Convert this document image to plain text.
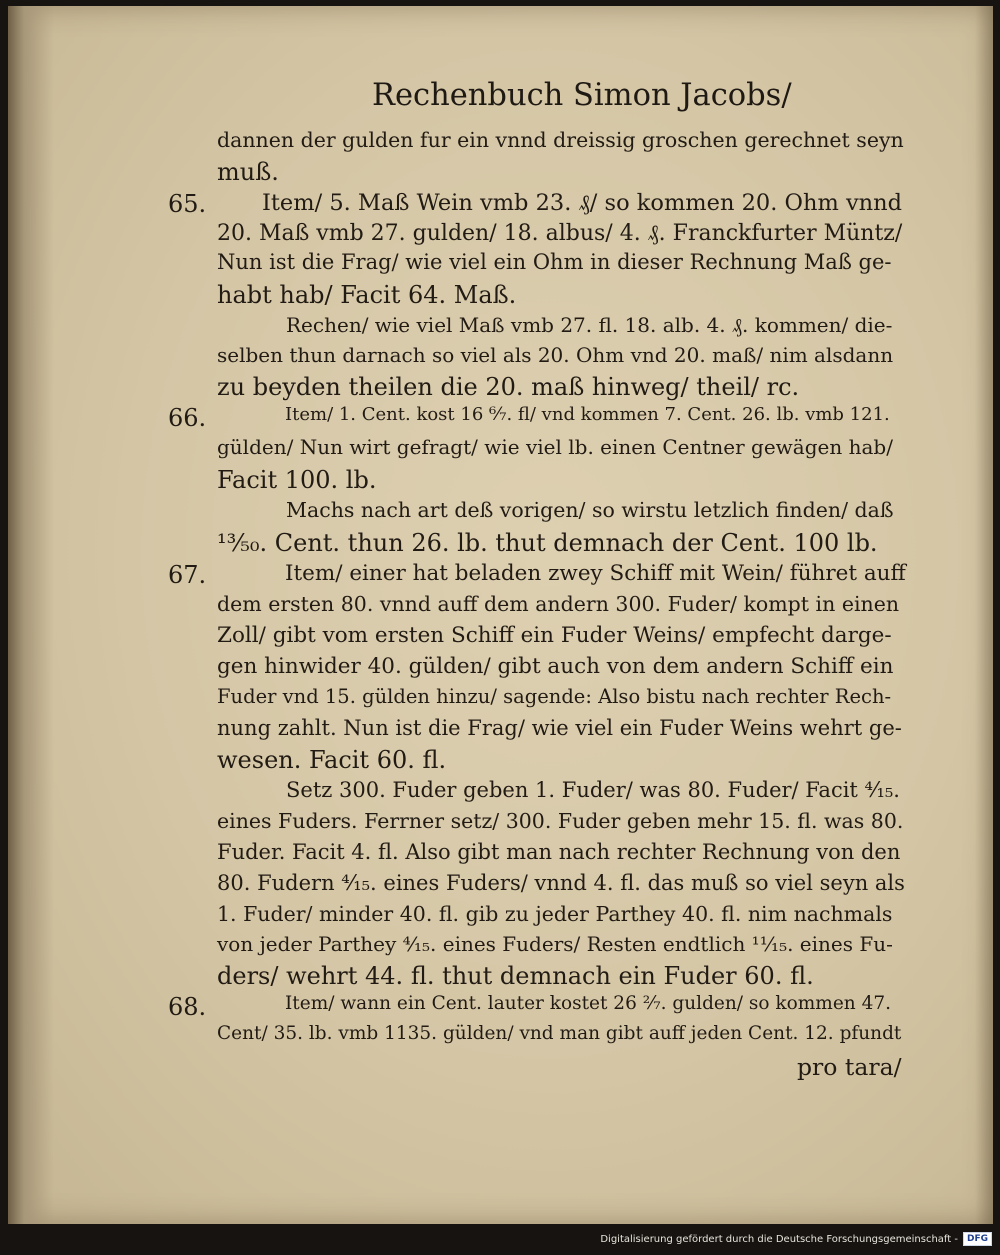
Rechenbuch Simon Jacobs/
dannen der gulden fur ein vnnd dreissig groschen gerechnet seyn
muß.
65. Item/ 5. Maß Wein vmb 23. ₰/ so kommen 20. Ohm vnnd
20. Maß vmb 27. gulden/ 18. albus/ 4. ₰. Franckfurter Müntz/
Nun ist die Frag/ wie viel ein Ohm in dieser Rechnung Maß ge-
habt hab/ Facit 64. Maß.
Rechen/ wie viel Maß vmb 27. fl. 18. alb. 4. ₰. kommen/ die-
selben thun darnach so viel als 20. Ohm vnd 20. maß/ nim alsdann
zu beyden theilen die 20. maß hinweg/ theil/ rc.
66.	Item/ 1. Cent. kost 16 ⁶⁄₇. fl/ vnd kommen 7. Cent. 26. lb. vmb 121.
gülden/ Nun wirt gefragt/ wie viel lb. einen Centner gewägen hab/
Facit 100. lb.
Machs nach art deß vorigen/ so wirstu letzlich finden/ daß
¹³⁄₅₀. Cent. thun 26. lb. thut demnach der Cent. 100 lb.
67.	Item/ einer hat beladen zwey Schiff mit Wein/ führet auff
dem ersten 80. vnnd auff dem andern 300. Fuder/ kompt in einen
Zoll/ gibt vom ersten Schiff ein Fuder Weins/ empfecht darge-
gen hinwider 40. gülden/ gibt auch von dem andern Schiff ein
Fuder vnd 15. gülden hinzu/ sagende: Also bistu nach rechter Rech-
nung zahlt. Nun ist die Frag/ wie viel ein Fuder Weins wehrt ge-
wesen. Facit 60. fl.
Setz 300. Fuder geben 1. Fuder/ was 80. Fuder/ Facit ⁴⁄₁₅.
eines Fuders. Ferrner setz/ 300. Fuder geben mehr 15. fl. was 80.
Fuder. Facit 4. fl. Also gibt man nach rechter Rechnung von den
80. Fudern ⁴⁄₁₅. eines Fuders/ vnnd 4. fl. das muß so viel seyn als
1. Fuder/ minder 40. fl. gib zu jeder Parthey 40. fl. nim nachmals
von jeder Parthey ⁴⁄₁₅. eines Fuders/ Resten endtlich ¹¹⁄₁₅. eines Fu-
ders/ wehrt 44. fl. thut demnach ein Fuder 60. fl.
68.	Item/ wann ein Cent. lauter kostet 26 ²⁄₇. gulden/ so kommen 47.
Cent/ 35. lb. vmb 1135. gülden/ vnd man gibt auff jeden Cent. 12. pfundt
pro tara/
Digitalisierung gefördert durch die Deutsche Forschungsgemeinschaft -	DFG
